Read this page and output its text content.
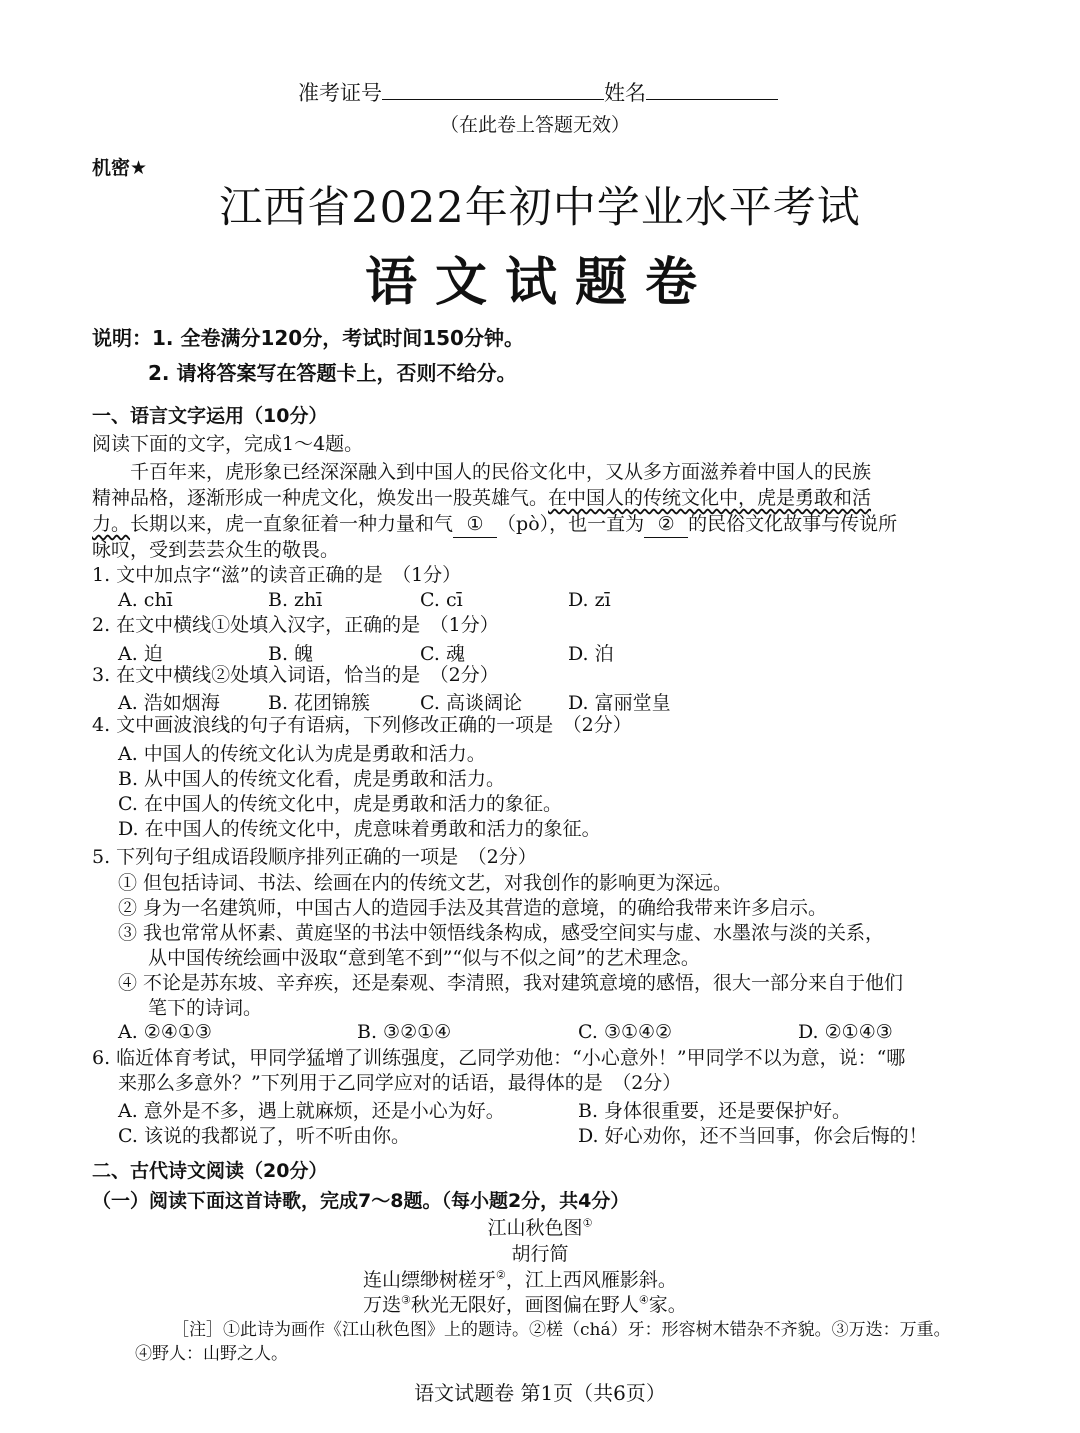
准考证号	姓名
（在此卷上答题无效）
机密★
江西省2022年初中学业水平考试
语文试题卷
说明：1. 全卷满分120分，考试时间150分钟。
2. 请将答案写在答题卡上，否则不给分。
一、语言文字运用（10分）
阅读下面的文字，完成1～4题。
千百年来，虎形象已经深深融入到中国人的民俗文化中，又从多方面滋养着中国人的民族
精神品格，逐渐形成一种虎文化，焕发出一股英雄气。在中国人的传统文化中，虎是勇敢和活
力。长期以来，虎一直象征着一种力量和气 ① （pò），也一直为 ② 的民俗文化故事与传说所
咏叹，受到芸芸众生的敬畏。
1. 文中加点字“滋”的读音正确的是　（1分）
A. chī	B. zhī	C. cī	D. zī
2. 在文中横线①处填入汉字，正确的是　（1分）
A. 迫	B. 魄	C. 魂	D. 泊
3. 在文中横线②处填入词语，恰当的是　（2分）
A. 浩如烟海	B. 花团锦簇	C. 高谈阔论 D. 富丽堂皇
4. 文中画波浪线的句子有语病，下列修改正确的一项是　（2分）
A. 中国人的传统文化认为虎是勇敢和活力。
B. 从中国人的传统文化看，虎是勇敢和活力。
C. 在中国人的传统文化中，虎是勇敢和活力的象征。
D. 在中国人的传统文化中，虎意味着勇敢和活力的象征。
5. 下列句子组成语段顺序排列正确的一项是　（2分）
① 但包括诗词、书法、绘画在内的传统文艺，对我创作的影响更为深远。
② 身为一名建筑师，中国古人的造园手法及其营造的意境，的确给我带来许多启示。
③ 我也常常从怀素、黄庭坚的书法中领悟线条构成，感受空间实与虚、水墨浓与淡的关系，
从中国传统绘画中汲取“意到笔不到”“似与不似之间”的艺术理念。
④ 不论是苏东坡、辛弃疾，还是秦观、李清照，我对建筑意境的感悟，很大一部分来自于他们
笔下的诗词。
A. ②④①③	B. ③②①④	C. ③①④②	D. ②①④③
6. 临近体育考试，甲同学猛增了训练强度，乙同学劝他：“小心意外！”甲同学不以为意，说：“哪
来那么多意外？”下列用于乙同学应对的话语，最得体的是　（2分）
A. 意外是不多，遇上就麻烦，还是小心为好。	B. 身体很重要，还是要保护好。
C. 该说的我都说了，听不听由你。	D. 好心劝你，还不当回事，你会后悔的！
二、古代诗文阅读（20分）
（一）阅读下面这首诗歌，完成7～8题。（每小题2分，共4分）
江山秋色图①
胡行简
连山缥缈树槎牙②，江上西风雁影斜。
万迭③秋光无限好，画图偏在野人④家。
［注］①此诗为画作《江山秋色图》上的题诗。②槎（chá）牙：形容树木错杂不齐貌。③万迭：万重。
④野人：山野之人。
语文试题卷 第1页（共6页）
